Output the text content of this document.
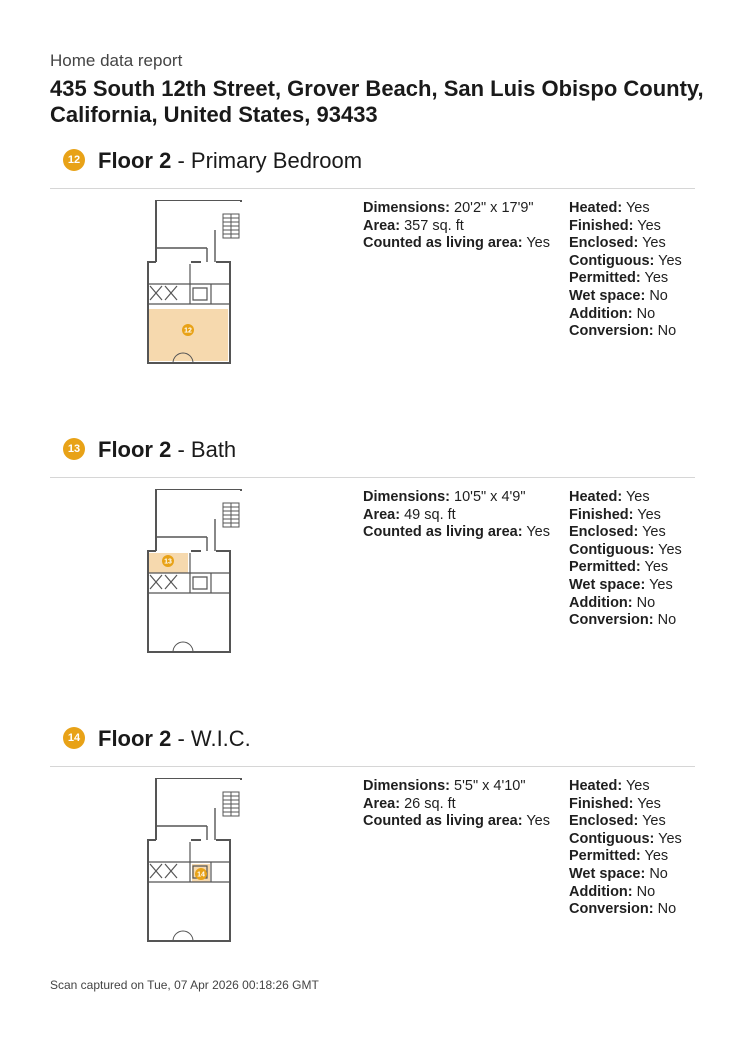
Home data report
435 South 12th Street, Grover Beach, San Luis Obispo County, California, United States, 93433
12 Floor 2 - Primary Bedroom
12
Dimensions: 20'2" x 17'9"
Area: 357 sq. ft
Counted as living area: Yes
Heated: Yes
Finished: Yes
Enclosed: Yes
Contiguous: Yes
Permitted: Yes
Wet space: No
Addition: No
Conversion: No
13 Floor 2 - Bath
13
Dimensions: 10'5" x 4'9"
Area: 49 sq. ft
Counted as living area: Yes
Heated: Yes
Finished: Yes
Enclosed: Yes
Contiguous: Yes
Permitted: Yes
Wet space: Yes
Addition: No
Conversion: No
14 Floor 2 - W.I.C.
14
Dimensions: 5'5" x 4'10"
Area: 26 sq. ft
Counted as living area: Yes
Heated: Yes
Finished: Yes
Enclosed: Yes
Contiguous: Yes
Permitted: Yes
Wet space: No
Addition: No
Conversion: No
Scan captured on Tue, 07 Apr 2026 00:18:26 GMT
